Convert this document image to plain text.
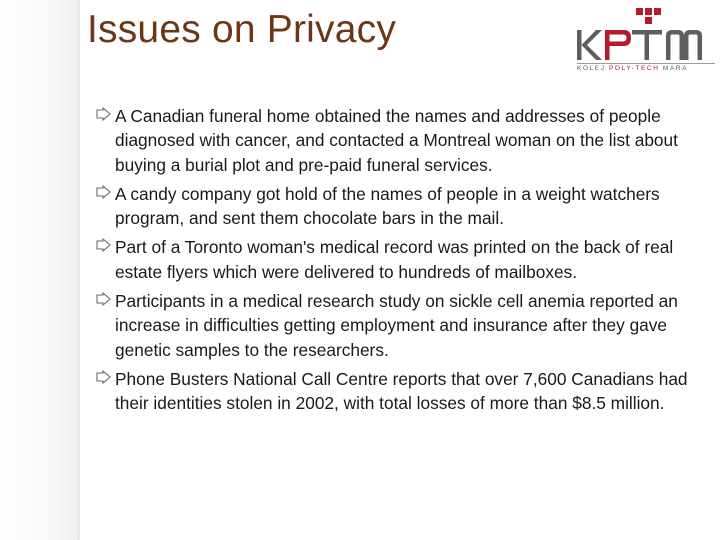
Issues on Privacy
KOLEJ POLY-TECH MARA

A Canadian funeral home obtained the names and addresses of people diagnosed with cancer, and contacted a Montreal woman on the list about buying a burial plot and pre-paid funeral services.

A candy company got hold of the names of people in a weight watchers program, and sent them chocolate bars in the mail.

Part of a Toronto woman's medical record was printed on the back of real estate flyers which were delivered to hundreds of mailboxes.

Participants in a medical research study on sickle cell anemia reported an increase in difficulties getting employment and insurance after they gave genetic samples to the researchers.

Phone Busters National Call Centre reports that over 7,600 Canadians had their identities stolen in 2002, with total losses of more than $8.5 million.
